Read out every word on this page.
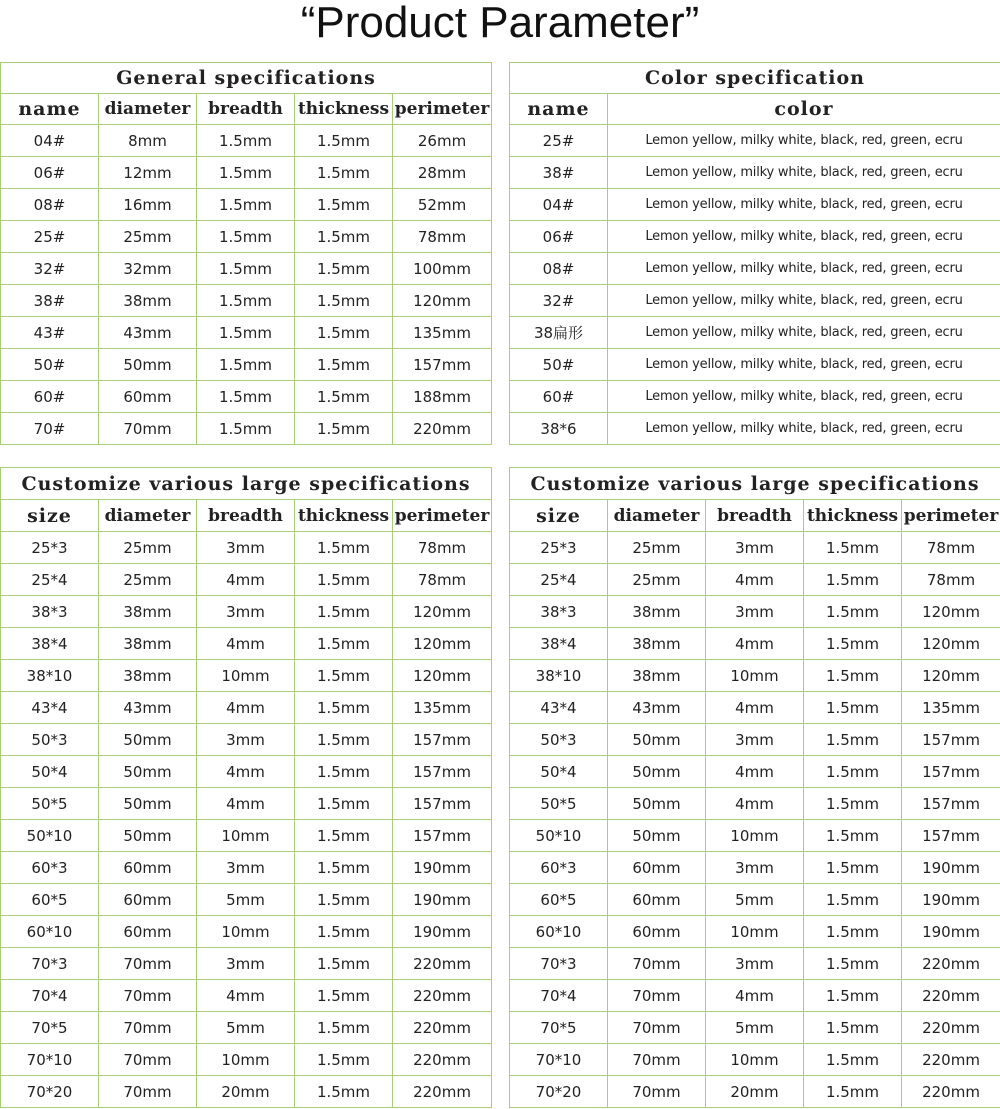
“Product Parameter”
General specifications				
name	diameter	breadth	thickness	perimeter
04#	8mm	1.5mm	1.5mm	26mm
06#	12mm	1.5mm	1.5mm	28mm
08#	16mm	1.5mm	1.5mm	52mm
25#	25mm	1.5mm	1.5mm	78mm
32#	32mm	1.5mm	1.5mm	100mm
38#	38mm	1.5mm	1.5mm	120mm
43#	43mm	1.5mm	1.5mm	135mm
50#	50mm	1.5mm	1.5mm	157mm
60#	60mm	1.5mm	1.5mm	188mm
70#	70mm	1.5mm	1.5mm	220mm
Color specification	
name	color
25#	Lemon yellow, milky white, black, red, green, ecru
38#	Lemon yellow, milky white, black, red, green, ecru
04#	Lemon yellow, milky white, black, red, green, ecru
06#	Lemon yellow, milky white, black, red, green, ecru
08#	Lemon yellow, milky white, black, red, green, ecru
32#	Lemon yellow, milky white, black, red, green, ecru
38扁形	Lemon yellow, milky white, black, red, green, ecru
50#	Lemon yellow, milky white, black, red, green, ecru
60#	Lemon yellow, milky white, black, red, green, ecru
38*6	Lemon yellow, milky white, black, red, green, ecru
Customize various large specifications				
size	diameter	breadth	thickness	perimeter
25*3	25mm	3mm	1.5mm	78mm
25*4	25mm	4mm	1.5mm	78mm
38*3	38mm	3mm	1.5mm	120mm
38*4	38mm	4mm	1.5mm	120mm
38*10	38mm	10mm	1.5mm	120mm
43*4	43mm	4mm	1.5mm	135mm
50*3	50mm	3mm	1.5mm	157mm
50*4	50mm	4mm	1.5mm	157mm
50*5	50mm	4mm	1.5mm	157mm
50*10	50mm	10mm	1.5mm	157mm
60*3	60mm	3mm	1.5mm	190mm
60*5	60mm	5mm	1.5mm	190mm
60*10	60mm	10mm	1.5mm	190mm
70*3	70mm	3mm	1.5mm	220mm
70*4	70mm	4mm	1.5mm	220mm
70*5	70mm	5mm	1.5mm	220mm
70*10	70mm	10mm	1.5mm	220mm
70*20	70mm	20mm	1.5mm	220mm
Customize various large specifications				
size	diameter	breadth	thickness	perimeter
25*3	25mm	3mm	1.5mm	78mm
25*4	25mm	4mm	1.5mm	78mm
38*3	38mm	3mm	1.5mm	120mm
38*4	38mm	4mm	1.5mm	120mm
38*10	38mm	10mm	1.5mm	120mm
43*4	43mm	4mm	1.5mm	135mm
50*3	50mm	3mm	1.5mm	157mm
50*4	50mm	4mm	1.5mm	157mm
50*5	50mm	4mm	1.5mm	157mm
50*10	50mm	10mm	1.5mm	157mm
60*3	60mm	3mm	1.5mm	190mm
60*5	60mm	5mm	1.5mm	190mm
60*10	60mm	10mm	1.5mm	190mm
70*3	70mm	3mm	1.5mm	220mm
70*4	70mm	4mm	1.5mm	220mm
70*5	70mm	5mm	1.5mm	220mm
70*10	70mm	10mm	1.5mm	220mm
70*20	70mm	20mm	1.5mm	220mm
